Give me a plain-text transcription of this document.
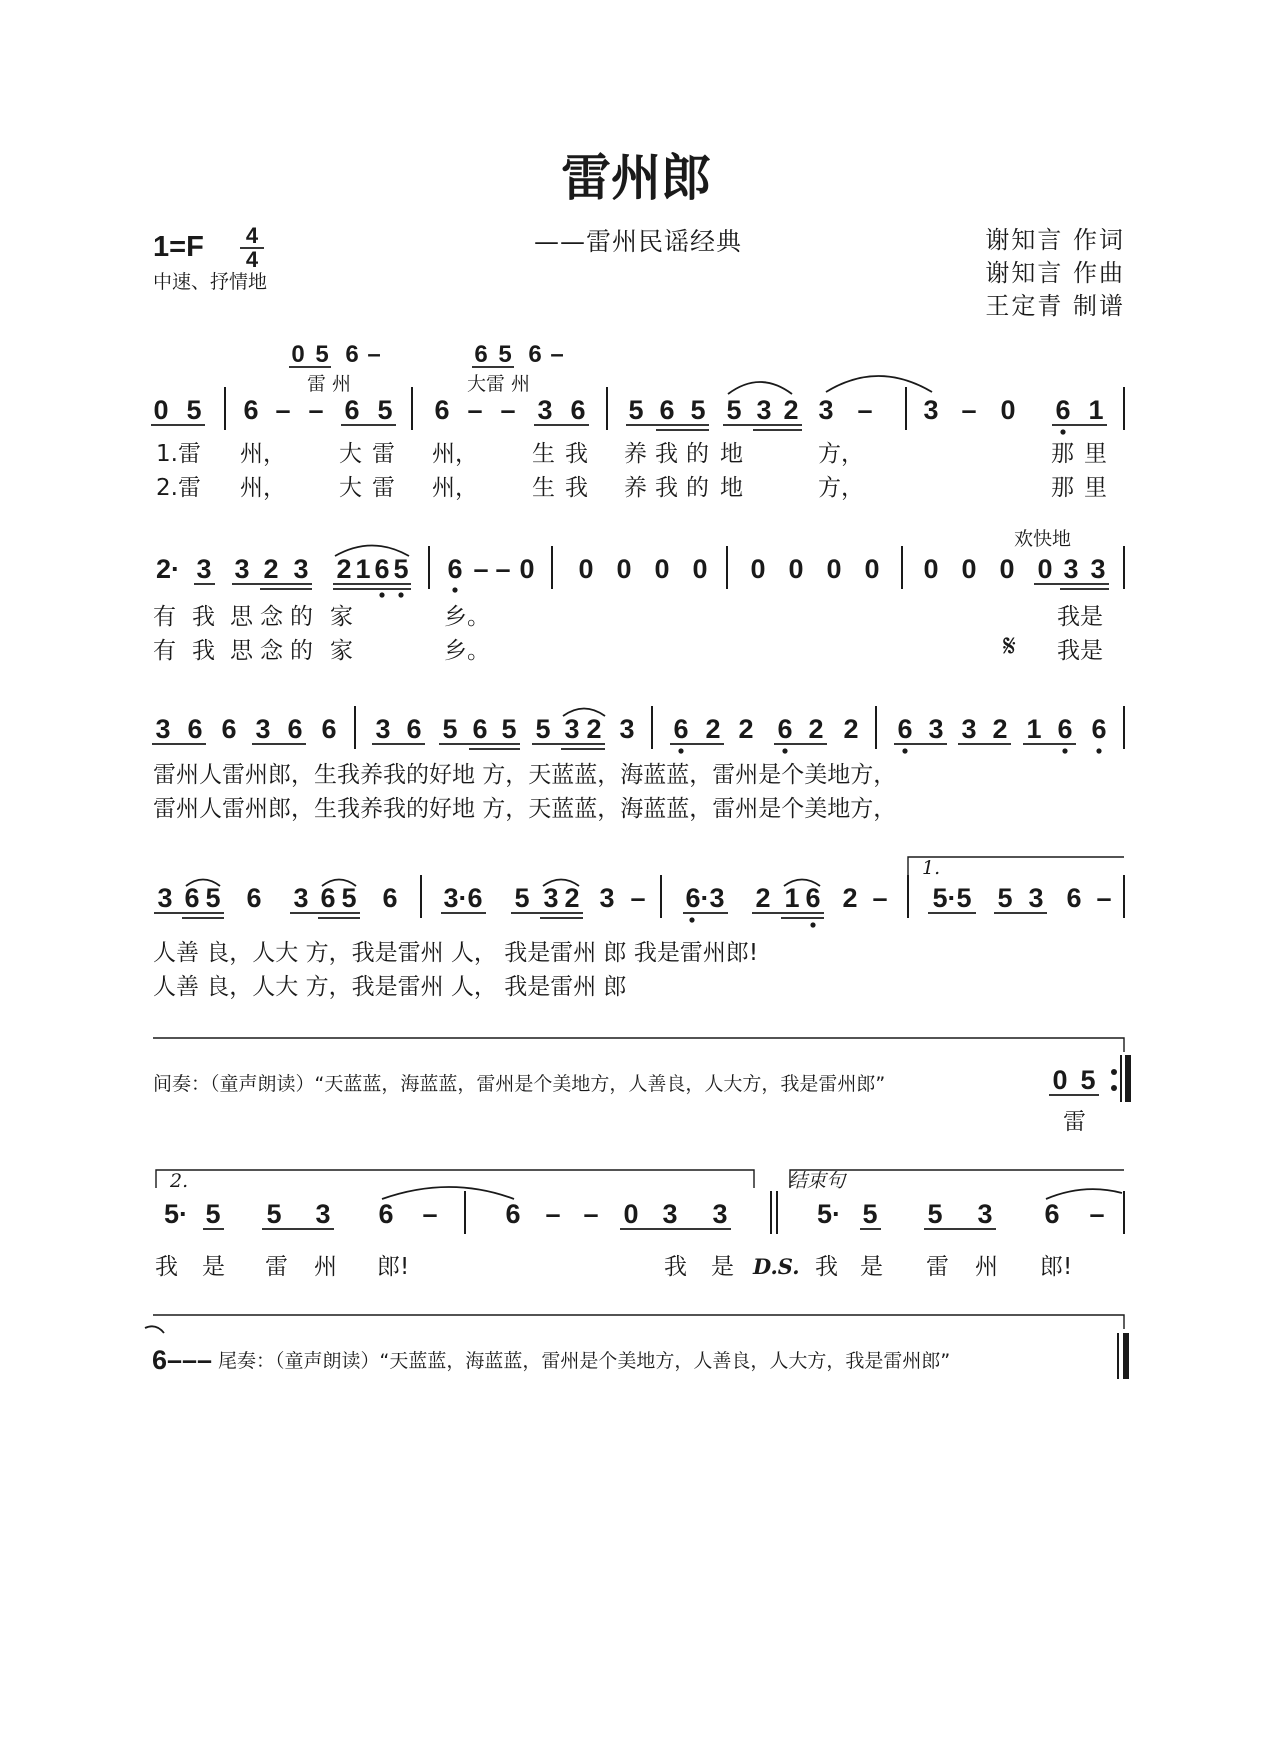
雷州郎
——雷州民谣经典
1=F 4
4
中速、抒情地
谢知言 作词
谢知言 作曲
王定青 制谱
0 5 6 –
雷 州
6 5 6 –
大雷 州
0 5 6 – – 6 5 6 – – 3 6 5 6 5 5 3 2 3 – 3 – 0 6 1
1.雷 州， 大 雷 州， 生 我 养 我 的 地	方，	那 里
2.雷 州， 大 雷 州， 生 我 养 我 的 地	方，	那 里
欢快地
2· 3 3 2 3 2 1 6 5 6 – – 0 0 0 0 0 0 0 0 0 0 0 0 0 3 3
有 我 思 念 的 家	乡。	我是
有 我 思 念 的 家	乡。	我是
𝄋
3 6 6 3 6 6 3 6 5 6 5 5 3 2 3 6 2 2 6 2 2 6 3 3 2 1 6 6
雷州人雷州郎，生我养我的好地 方，天蓝蓝，海蓝蓝，雷州是个美地方，
雷州人雷州郎，生我养我的好地 方，天蓝蓝，海蓝蓝，雷州是个美地方，
1.
3 6 5 6 3 6 5 6 3·6 5 3 2 3 – 6·3 2 1 6 2 – 5·5 5 3 6 –
人善 良，人大 方，我是雷州 人， 我是雷州 郎 我是雷州郎!
人善 良，人大 方，我是雷州 人， 我是雷州 郎
间奏：（童声朗读）“天蓝蓝，海蓝蓝，雷州是个美地方，人善良，人大方，我是雷州郎”	0 5
雷
2.	结束句
5· 5 5 3 6 –	6 – – 0 3 3	5· 5 5 3 6 –
我 是 雷 州 郎!	我 是 D.S. 我 是 雷 州 郎!
6––– 尾奏：（童声朗读）“天蓝蓝，海蓝蓝，雷州是个美地方，人善良，人大方，我是雷州郎”
